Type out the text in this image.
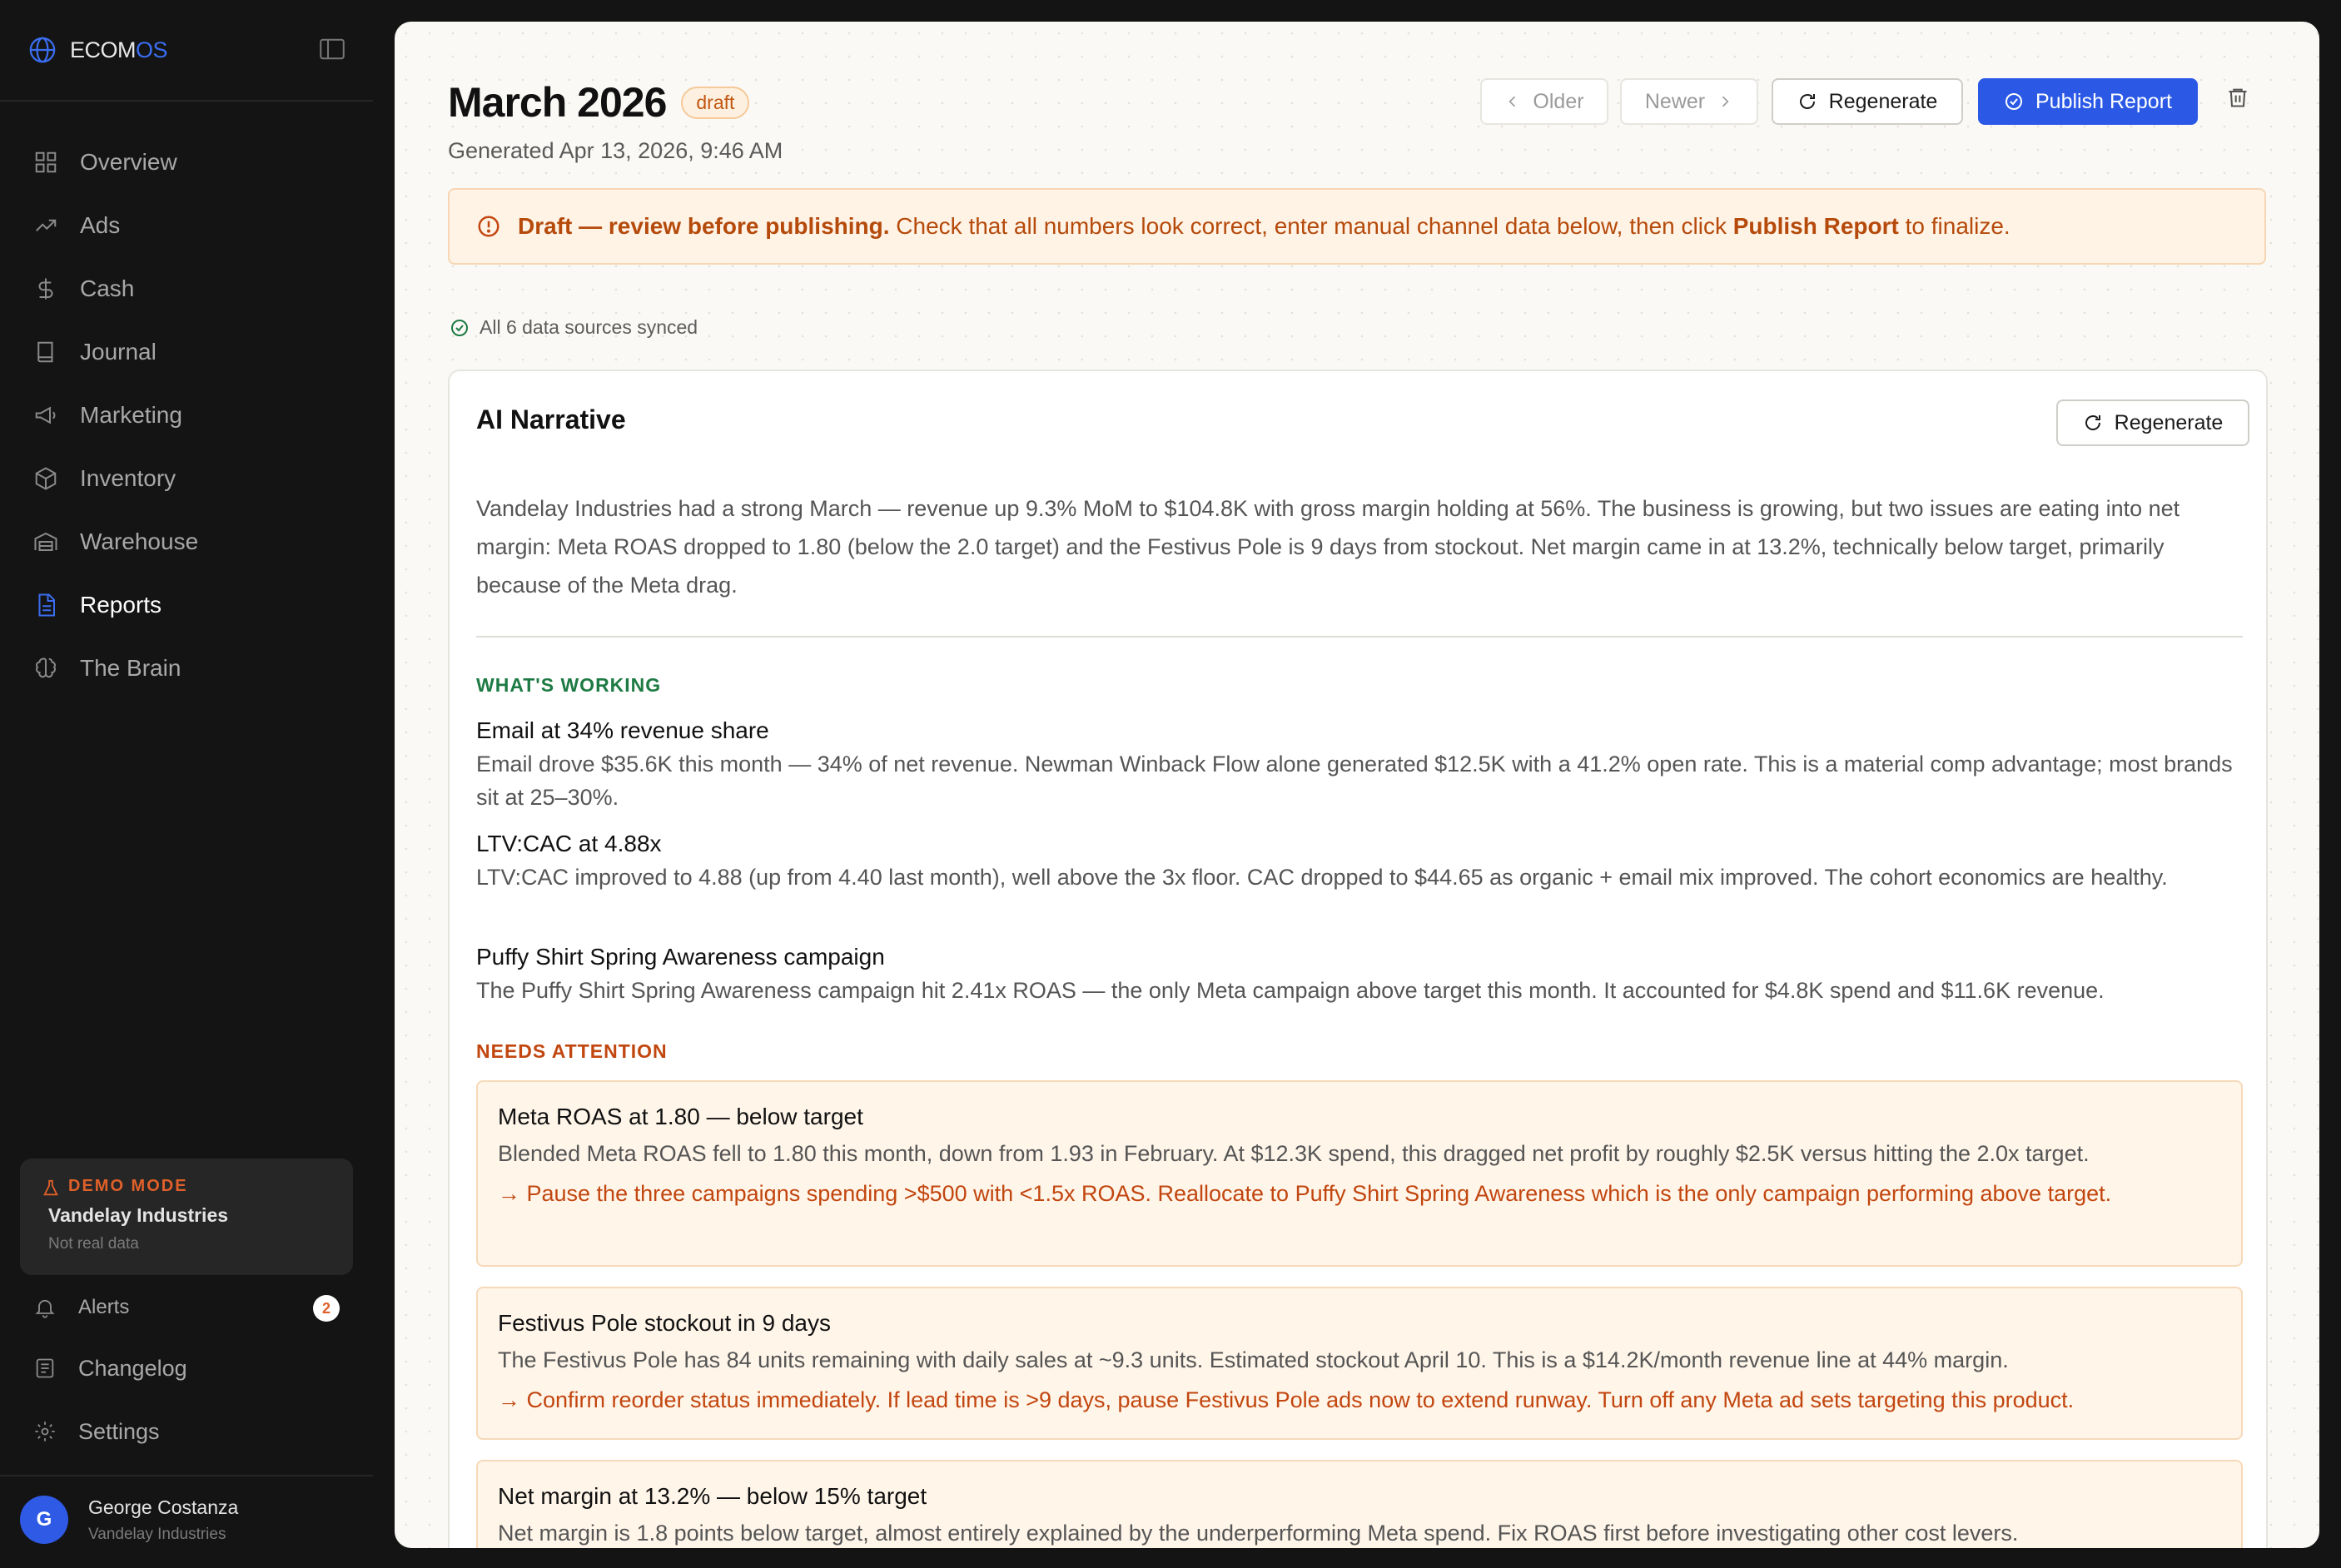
ECOMOS
Overview
Ads
Cash
Journal
Marketing
Inventory
Warehouse
Reports
The Brain
DEMO MODE
Vandelay Industries
Not real data
Alerts	2
Changelog
Settings
G
George Costanza
Vandelay Industries
March 2026	draft
Generated Apr 13, 2026, 9:46 AM
Older	Newer	Regenerate	Publish Report
Draft — review before publishing. Check that all numbers look correct, enter manual channel data below, then click Publish Report to finalize.
All 6 data sources synced
AI Narrative	Regenerate
Vandelay Industries had a strong March — revenue up 9.3% MoM to $104.8K with gross margin holding at 56%. The business is growing, but two issues are eating into net margin: Meta ROAS dropped to 1.80 (below the 2.0 target) and the Festivus Pole is 9 days from stockout. Net margin came in at 13.2%, technically below target, primarily because of the Meta drag.
WHAT'S WORKING
Email at 34% revenue share
Email drove $35.6K this month — 34% of net revenue. Newman Winback Flow alone generated $12.5K with a 41.2% open rate. This is a material comp advantage; most brands sit at 25–30%.
LTV:CAC at 4.88x
LTV:CAC improved to 4.88 (up from 4.40 last month), well above the 3x floor. CAC dropped to $44.65 as organic + email mix improved. The cohort economics are healthy.
Puffy Shirt Spring Awareness campaign
The Puffy Shirt Spring Awareness campaign hit 2.41x ROAS — the only Meta campaign above target this month. It accounted for $4.8K spend and $11.6K revenue.
NEEDS ATTENTION
Meta ROAS at 1.80 — below target
Blended Meta ROAS fell to 1.80 this month, down from 1.93 in February. At $12.3K spend, this dragged net profit by roughly $2.5K versus hitting the 2.0x target.
→ Pause the three campaigns spending >$500 with <1.5x ROAS. Reallocate to Puffy Shirt Spring Awareness which is the only campaign performing above target.
Festivus Pole stockout in 9 days
The Festivus Pole has 84 units remaining with daily sales at ~9.3 units. Estimated stockout April 10. This is a $14.2K/month revenue line at 44% margin.
→ Confirm reorder status immediately. If lead time is >9 days, pause Festivus Pole ads now to extend runway. Turn off any Meta ad sets targeting this product.
Net margin at 13.2% — below 15% target
Net margin is 1.8 points below target, almost entirely explained by the underperforming Meta spend. Fix ROAS first before investigating other cost levers.
